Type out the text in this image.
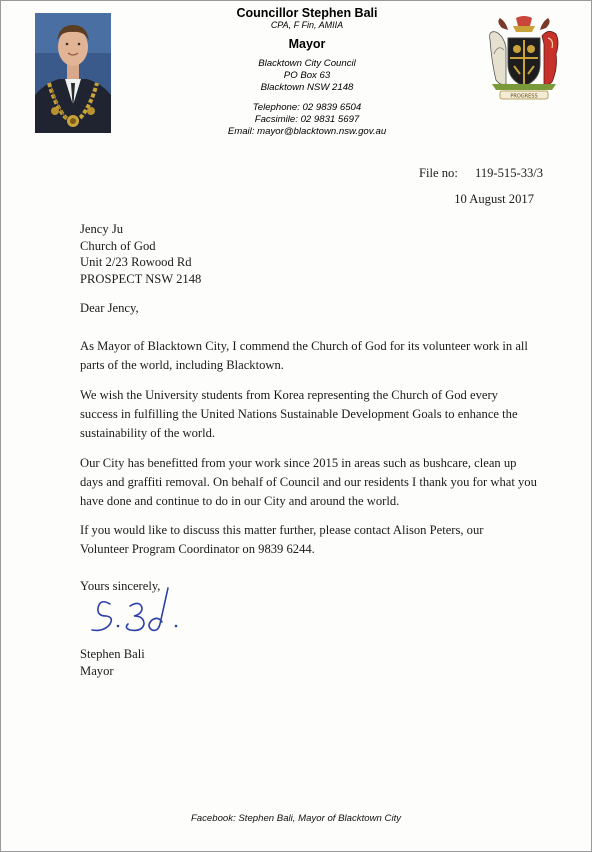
Councillor Stephen Bali
CPA, F Fin, AMIIA
Mayor
Blacktown City Council
PO Box 63
Blacktown NSW 2148
Telephone: 02 9839 6504
Facsimile: 02 9831 5697
Email: mayor@blacktown.nsw.gov.au
PROGRESS
File no: 119-515-33/3
10 August 2017
Jency Ju
Church of God
Unit 2/23 Rowood Rd
PROSPECT NSW 2148
Dear Jency,
As Mayor of Blacktown City, I commend the Church of God for its volunteer work in all
parts of the world, including Blacktown.
We wish the University students from Korea representing the Church of God every
success in fulfilling the United Nations Sustainable Development Goals to enhance the
sustainability of the world.
Our City has benefitted from your work since 2015 in areas such as bushcare, clean up
days and graffiti removal. On behalf of Council and our residents I thank you for what you
have done and continue to do in our City and around the world.
If you would like to discuss this matter further, please contact Alison Peters, our
Volunteer Program Coordinator on 9839 6244.
Yours sincerely,
Stephen Bali
Mayor
Facebook: Stephen Bali, Mayor of Blacktown City
